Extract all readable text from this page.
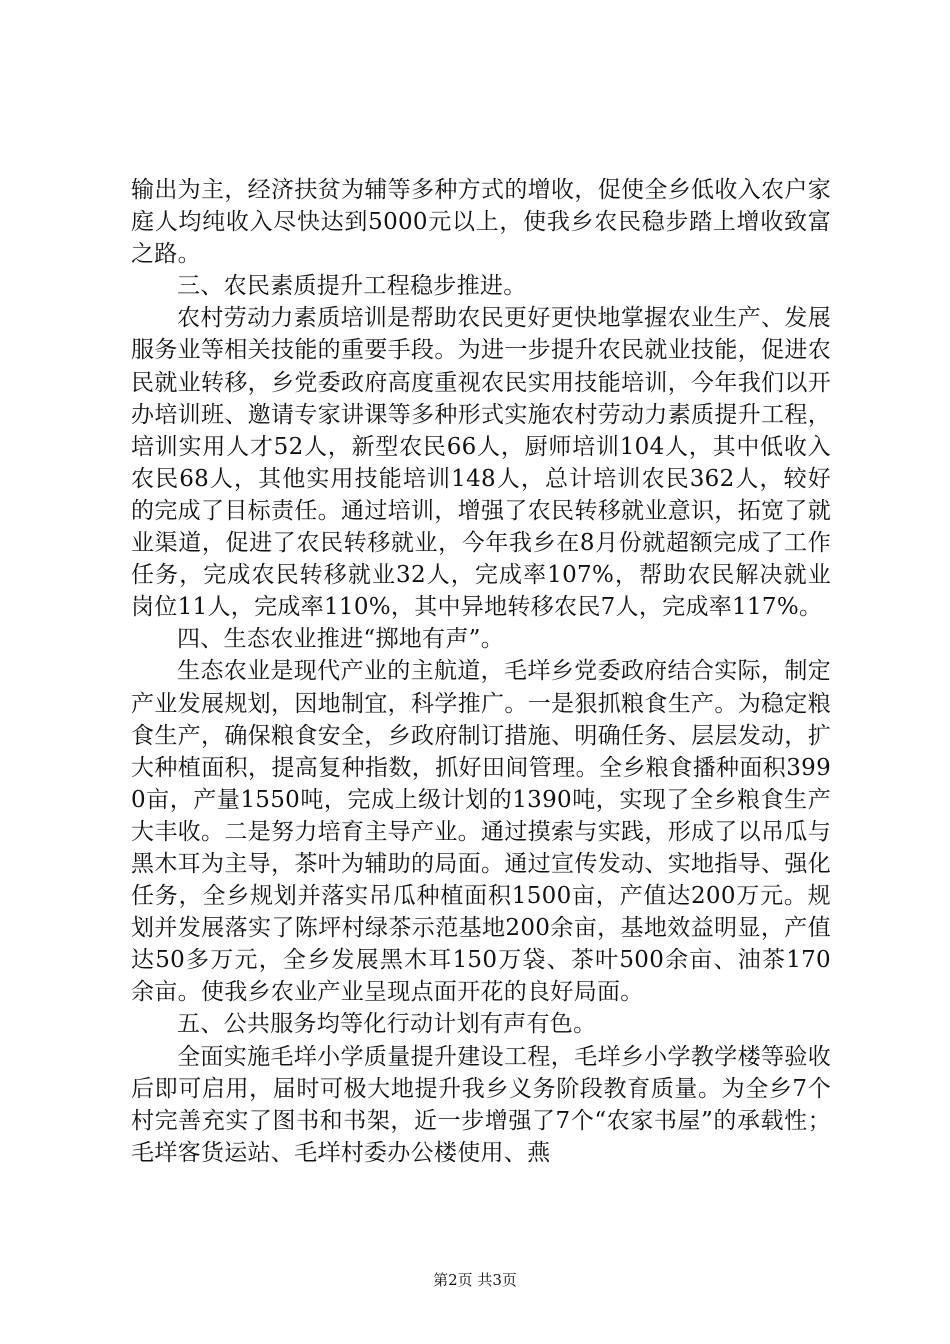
输出为主，经济扶贫为辅等多种方式的增收，促使全乡低收入农户家庭人均纯收入尽快达到5000元以上，使我乡农民稳步踏上增收致富之路。

三、农民素质提升工程稳步推进。

农村劳动力素质培训是帮助农民更好更快地掌握农业生产、发展服务业等相关技能的重要手段。为进一步提升农民就业技能，促进农民就业转移，乡党委政府高度重视农民实用技能培训，今年我们以开办培训班、邀请专家讲课等多种形式实施农村劳动力素质提升工程，培训实用人才52人，新型农民66人，厨师培训104人，其中低收入农民68人，其他实用技能培训148人，总计培训农民362人，较好的完成了目标责任。通过培训，增强了农民转移就业意识，拓宽了就业渠道，促进了农民转移就业，今年我乡在8月份就超额完成了工作任务，完成农民转移就业32人，完成率107%，帮助农民解决就业岗位11人，完成率110%，其中异地转移农民7人，完成率117%。

四、生态农业推进“掷地有声”。

生态农业是现代产业的主航道，毛垟乡党委政府结合实际，制定产业发展规划，因地制宜，科学推广。一是狠抓粮食生产。为稳定粮食生产，确保粮食安全，乡政府制订措施、明确任务、层层发动，扩大种植面积，提高复种指数，抓好田间管理。全乡粮食播种面积3990亩，产量1550吨，完成上级计划的1390吨，实现了全乡粮食生产大丰收。二是努力培育主导产业。通过摸索与实践，形成了以吊瓜与黑木耳为主导，茶叶为辅助的局面。通过宣传发动、实地指导、强化任务，全乡规划并落实吊瓜种植面积1500亩，产值达200万元。规划并发展落实了陈坪村绿茶示范基地200余亩，基地效益明显，产值达50多万元，全乡发展黑木耳150万袋、茶叶500余亩、油茶170余亩。使我乡农业产业呈现点面开花的良好局面。

五、公共服务均等化行动计划有声有色。

全面实施毛垟小学质量提升建设工程，毛垟乡小学教学楼等验收后即可启用，届时可极大地提升我乡义务阶段教育质量。为全乡7个村完善充实了图书和书架，近一步增强了7个“农家书屋”的承载性；毛垟客货运站、毛垟村委办公楼使用、燕

第2页 共3页
